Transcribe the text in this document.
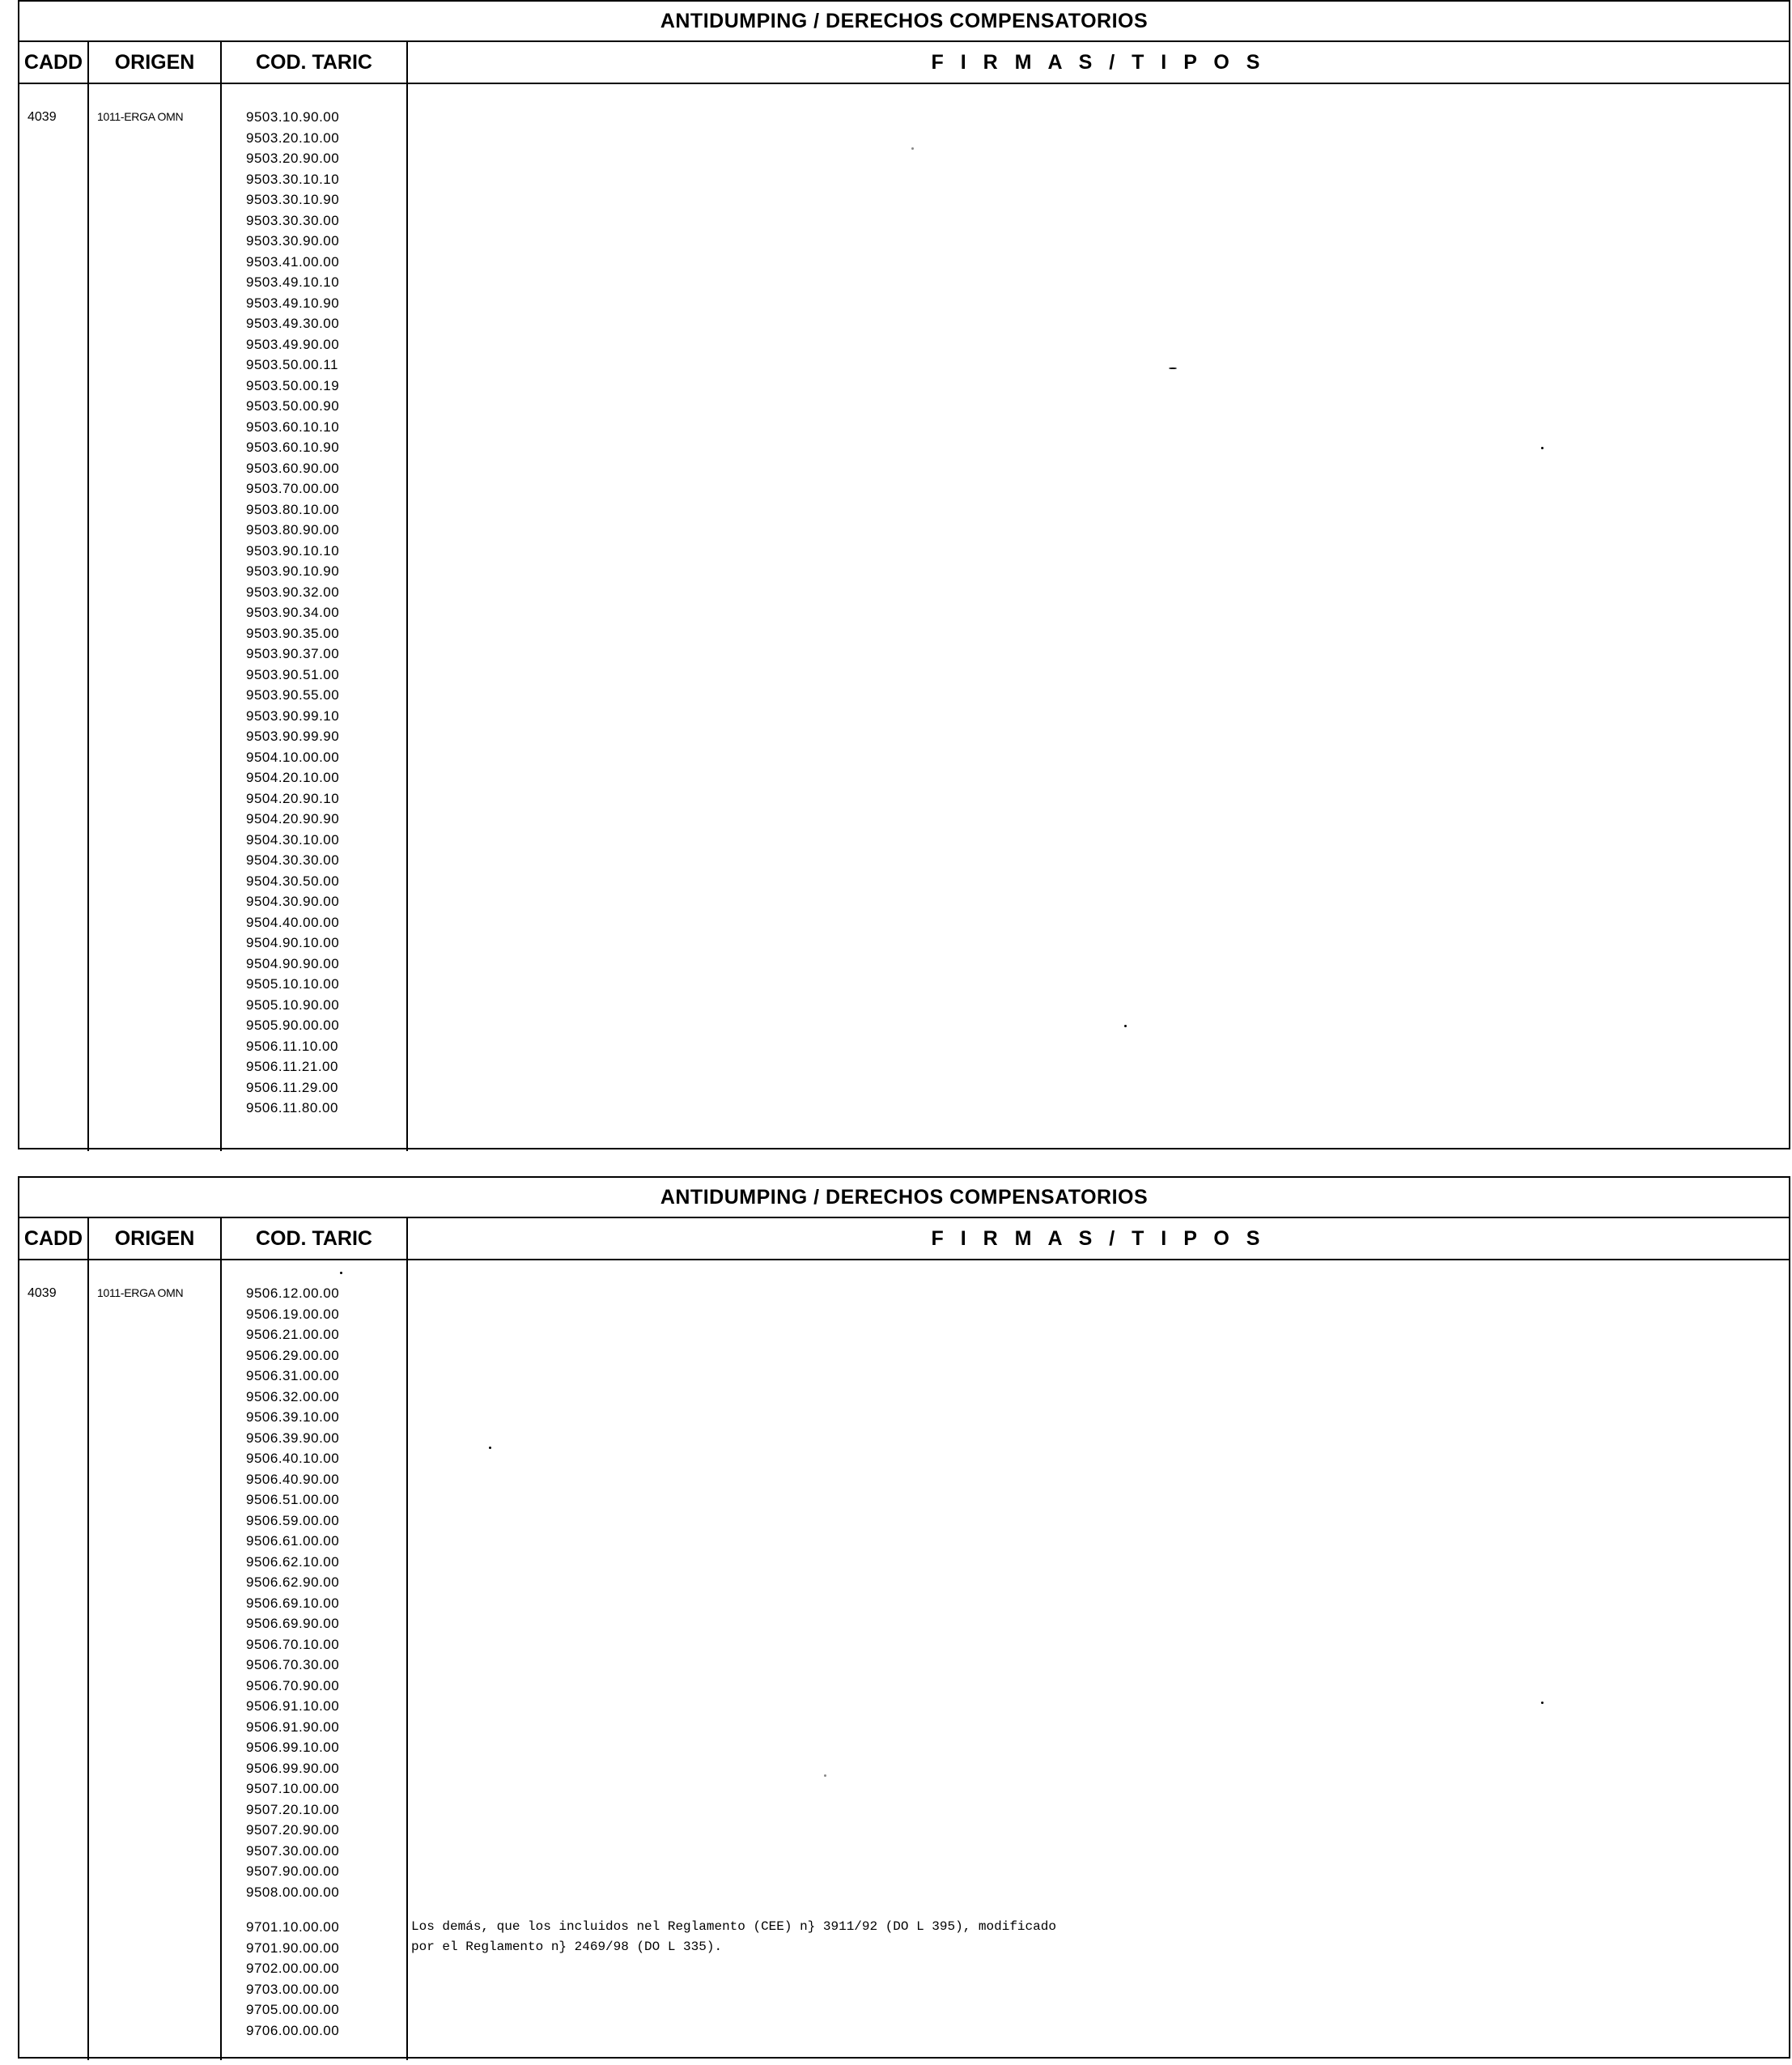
ANTIDUMPING / DERECHOS COMPENSATORIOS
CADD	ORIGEN	COD. TARIC	F I R M A S / T I P O S
4039	1011-ERGA OMN	9503.10.90.00
9503.20.10.00
9503.20.90.00
9503.30.10.10
9503.30.10.90
9503.30.30.00
9503.30.90.00
9503.41.00.00
9503.49.10.10
9503.49.10.90
9503.49.30.00
9503.49.90.00
9503.50.00.11
9503.50.00.19
9503.50.00.90
9503.60.10.10
9503.60.10.90
9503.60.90.00
9503.70.00.00
9503.80.10.00
9503.80.90.00
9503.90.10.10
9503.90.10.90
9503.90.32.00
9503.90.34.00
9503.90.35.00
9503.90.37.00
9503.90.51.00
9503.90.55.00
9503.90.99.10
9503.90.99.90
9504.10.00.00
9504.20.10.00
9504.20.90.10
9504.20.90.90
9504.30.10.00
9504.30.30.00
9504.30.50.00
9504.30.90.00
9504.40.00.00
9504.90.10.00
9504.90.90.00
9505.10.10.00
9505.10.90.00
9505.90.00.00
9506.11.10.00
9506.11.21.00
9506.11.29.00
9506.11.80.00
ANTIDUMPING / DERECHOS COMPENSATORIOS
CADD	ORIGEN	COD. TARIC	F I R M A S / T I P O S
4039	1011-ERGA OMN	9506.12.00.00
9506.19.00.00
9506.21.00.00
9506.29.00.00
9506.31.00.00
9506.32.00.00
9506.39.10.00
9506.39.90.00
9506.40.10.00
9506.40.90.00
9506.51.00.00
9506.59.00.00
9506.61.00.00
9506.62.10.00
9506.62.90.00
9506.69.10.00
9506.69.90.00
9506.70.10.00
9506.70.30.00
9506.70.90.00
9506.91.10.00
9506.91.90.00
9506.99.10.00
9506.99.90.00
9507.10.00.00
9507.20.10.00
9507.20.90.00
9507.30.00.00
9507.90.00.00
9508.00.00.00
9701.10.00.00
9701.90.00.00
9702.00.00.00
9703.00.00.00
9705.00.00.00
9706.00.00.00
Los demás, que los incluidos nel Reglamento (CEE) n} 3911/92 (DO L 395), modificado
por el Reglamento n} 2469/98 (DO L 335).
